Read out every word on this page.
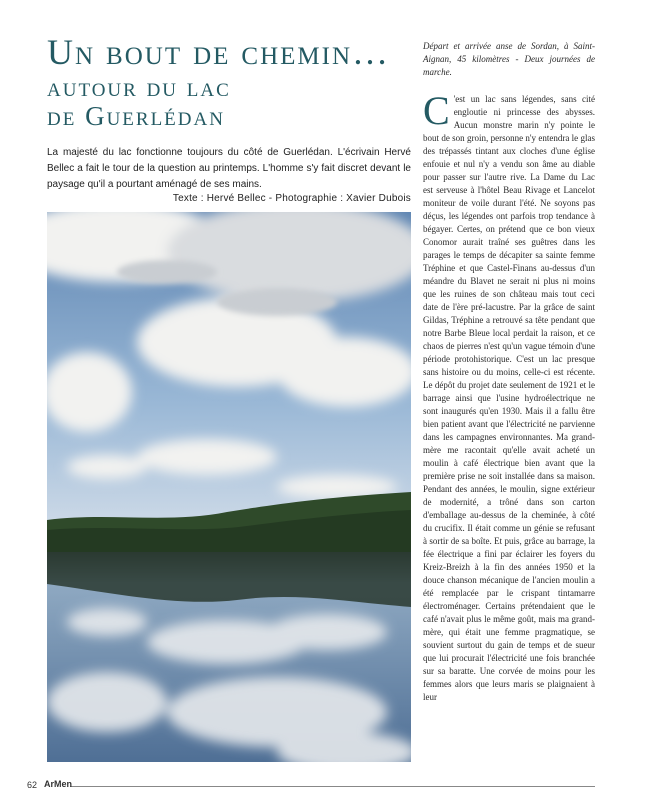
Un bout de chemin…
autour du lac
de Guerlédan

La majesté du lac fonctionne toujours du côté de Guerlédan. L'écrivain Hervé Bellec a fait le tour de la question au printemps. L'homme s'y fait discret devant le paysage qu'il a pourtant aménagé de ses mains.

Texte : Hervé Bellec - Photographie : Xavier Dubois

Départ et arrivée anse de Sordan, à Saint-Aignan, 45 kilomètres - Deux journées de marche.

C 'est un lac sans légendes, sans cité engloutie ni princesse des abysses. Aucun monstre marin n'y pointe le bout de son groin, personne n'y entendra le glas des trépassés tintant aux cloches d'une église enfouie et nul n'y a vendu son âme au diable pour passer sur l'autre rive. La Dame du Lac est serveuse à l'hôtel Beau Rivage et Lancelot moniteur de voile durant l'été. Ne soyons pas déçus, les légendes ont parfois trop tendance à bégayer. Certes, on prétend que ce bon vieux Conomor aurait traîné ses guêtres dans les parages le temps de décapiter sa sainte femme Tréphine et que Castel-Finans au-dessus d'un méandre du Blavet ne serait ni plus ni moins que les ruines de son château mais tout ceci date de l'ère pré-lacustre. Par la grâce de saint Gildas, Tréphine a retrouvé sa tête pendant que notre Barbe Bleue local perdait la raison, et ce chaos de pierres n'est qu'un vague témoin d'une période protohistorique. C'est un lac presque sans histoire ou du moins, celle-ci est récente. Le dépôt du projet date seulement de 1921 et le barrage ainsi que l'usine hydroélectrique ne sont inaugurés qu'en 1930. Mais il a fallu être bien patient avant que l'électricité ne parvienne dans les campagnes environnantes. Ma grand-mère me racontait qu'elle avait acheté un moulin à café électrique bien avant que la première prise ne soit installée dans sa maison. Pendant des années, le moulin, signe extérieur de modernité, a trôné dans son carton d'emballage au-dessus de la cheminée, à côté du crucifix. Il était comme un génie se refusant à sortir de sa boîte. Et puis, grâce au barrage, la fée électrique a fini par éclairer les foyers du Kreiz-Breizh à la fin des années 1950 et la douce chanson mécanique de l'ancien moulin a été remplacée par le crispant tintamarre électroménager. Certains prétendaient que le café n'avait plus le même goût, mais ma grand-mère, qui était une femme pragmatique, se souvient surtout du gain de temps et de sueur que lui procurait l'électricité une fois branchée sur sa baratte. Une corvée de moins pour les femmes alors que leurs maris se plaignaient à leur

62 ArMen
